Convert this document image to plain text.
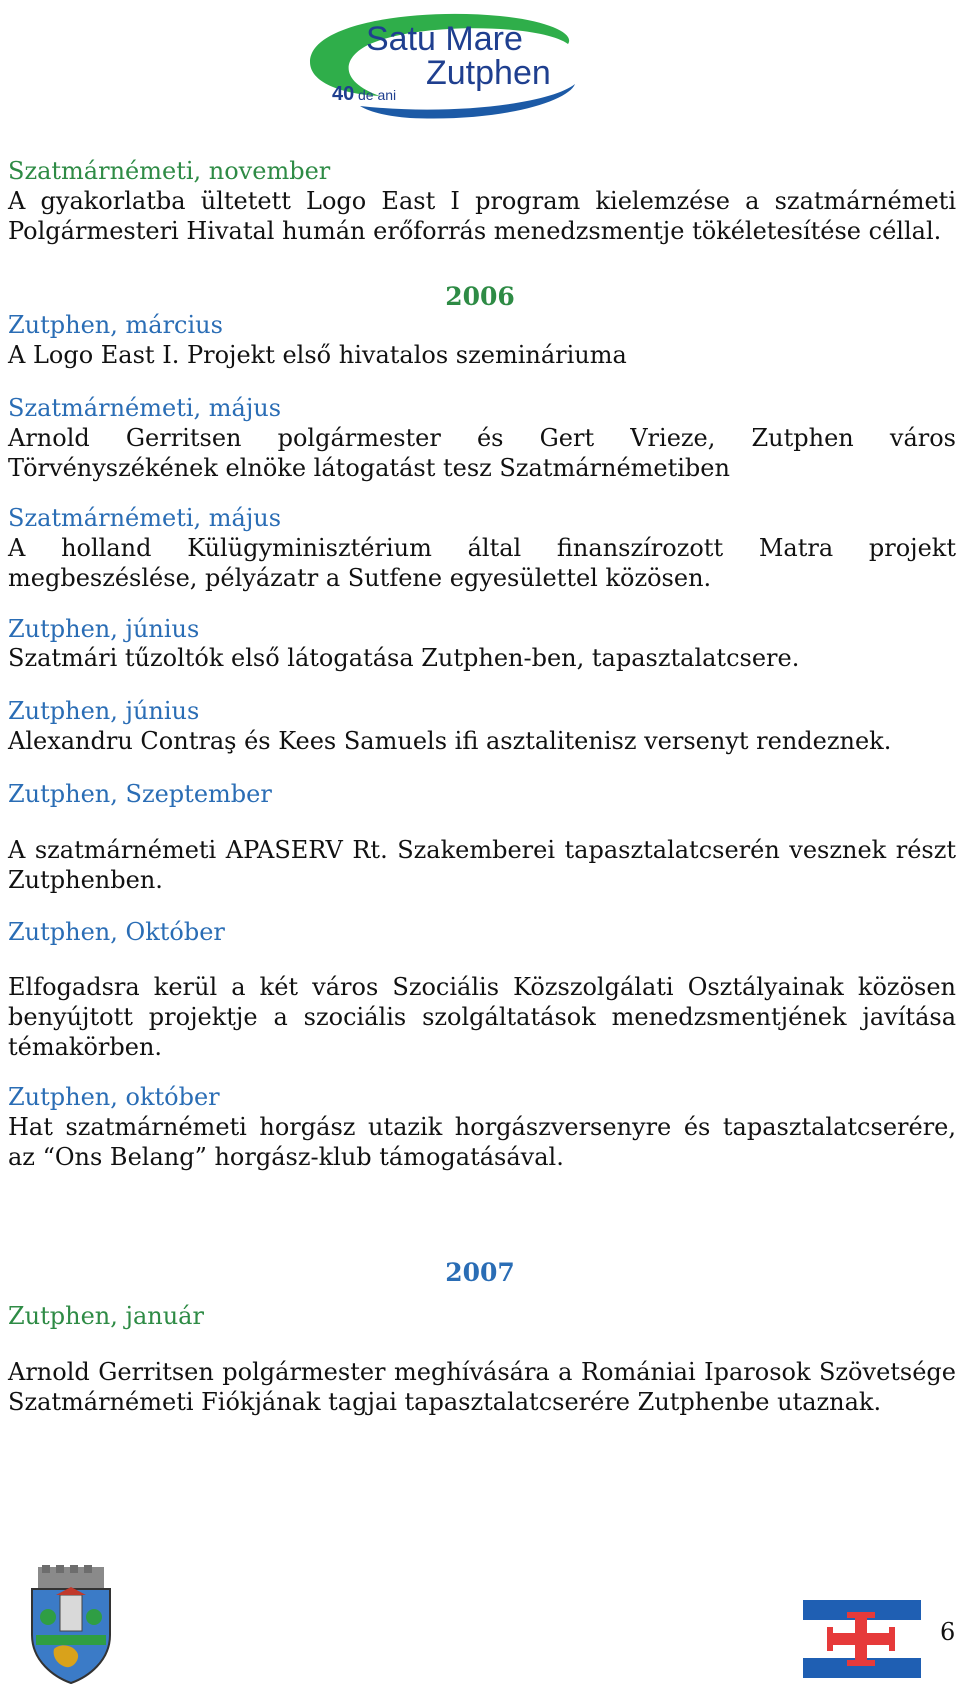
Satu Mare
Zutphen
40 de ani
Szatmárnémeti, november
A gyakorlatba ültetett Logo East I program kielemzése a szatmárnémeti Polgármesteri Hivatal humán erőforrás menedzsmentje tökéletesítése céllal.
2006
Zutphen, március
A Logo East I. Projekt első hivatalos szemináriuma
Szatmárnémeti, május
Arnold Gerritsen polgármester és Gert Vrieze, Zutphen város Törvényszékének elnöke látogatást tesz Szatmárnémetiben
Szatmárnémeti, május
A holland Külügyminisztérium által finanszírozott Matra projekt megbeszéslése, pélyázatr a Sutfene egyesülettel közösen.
Zutphen, június
Szatmári tűzoltók első látogatása Zutphen-ben, tapasztalatcsere.
Zutphen, június
Alexandru Contraş és Kees Samuels ifi asztalitenisz versenyt rendeznek.
Zutphen, Szeptember
A szatmárnémeti APASERV Rt. Szakemberei tapasztalatcserén vesznek részt Zutphenben.
Zutphen, Október
Elfogadsra kerül a két város Szociális Közszolgálati Osztályainak közösen benyújtott projektje a szociális szolgáltatások menedzsmentjének javítása témakörben.
Zutphen, október
Hat szatmárnémeti horgász utazik horgászversenyre és tapasztalatcserére, az “Ons Belang” horgász-klub támogatásával.
2007
Zutphen, január
Arnold Gerritsen polgármester meghívására a Romániai Iparosok Szövetsége Szatmárnémeti Fiókjának tagjai tapasztalatcserére Zutphenbe utaznak.
6
